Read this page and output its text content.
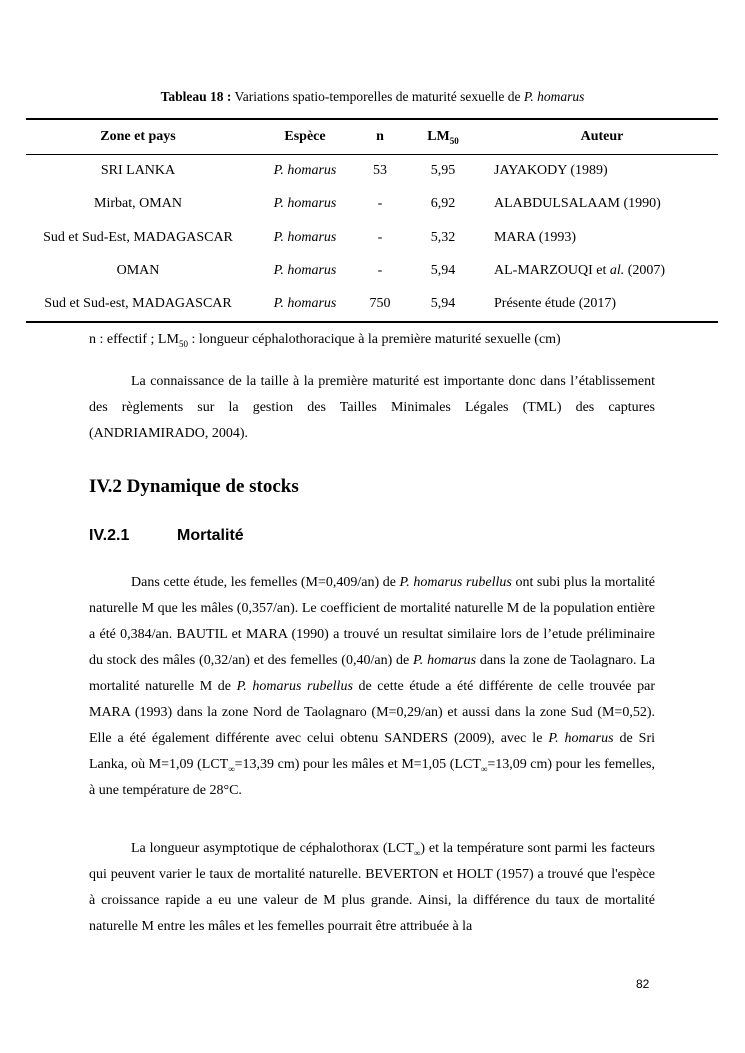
Tableau 18 : Variations spatio-temporelles de maturité sexuelle de P. homarus
Zone et pays	Espèce	n	$LM_{50}$	Auteur
SRI LANKA	P. homarus	53	5,95	JAYAKODY (1989)
Mirbat, OMAN	P. homarus	-	6,92	ALABDULSALAAM (1990)
Sud et Sud-Est, MADAGASCAR	P. homarus	-	5,32	MARA (1993)
OMAN	P. homarus	-	5,94	AL-MARZOUQI et al. (2007)
Sud et Sud-est, MADAGASCAR	P. homarus	750	5,94	Présente étude (2017)
n : effectif ; $LM_{50}$ : longueur céphalothoracique à la première maturité sexuelle (cm)

La connaissance de la taille à la première maturité est importante donc dans l’établissement des règlements sur la gestion des Tailles Minimales Légales (TML) des captures (ANDRIAMIRADO, 2004).

IV.2 Dynamique de stocks
IV.2.1	Mortalité

Dans cette étude, les femelles (M=0,409/an) de P. homarus rubellus ont subi plus la mortalité naturelle M que les mâles (0,357/an). Le coefficient de mortalité naturelle M de la population entière a été 0,384/an. BAUTIL et MARA (1990) a trouvé un resultat similaire lors de l’etude préliminaire du stock des mâles (0,32/an) et des femelles (0,40/an) de P. homarus dans la zone de Taolagnaro. La mortalité naturelle M de P. homarus rubellus de cette étude a été différente de celle trouvée par MARA (1993) dans la zone Nord de Taolagnaro (M=0,29/an) et aussi dans la zone Sud (M=0,52). Elle a été également différente avec celui obtenu SANDERS (2009), avec le P. homarus de Sri Lanka, où M=1,09 ($LCT_\infty=13,39$ cm) pour les mâles et M=1,05 ($LCT_\infty=13,09$ cm) pour les femelles, à une température de 28°C.

La longueur asymptotique de céphalothorax $(LCT_\infty)$ et la température sont parmi les facteurs qui peuvent varier le taux de mortalité naturelle. BEVERTON et HOLT (1957) a trouvé que l'espèce à croissance rapide a eu une valeur de M plus grande. Ainsi, la différence du taux de mortalité naturelle M entre les mâles et les femelles pourrait être attribuée à la

82
